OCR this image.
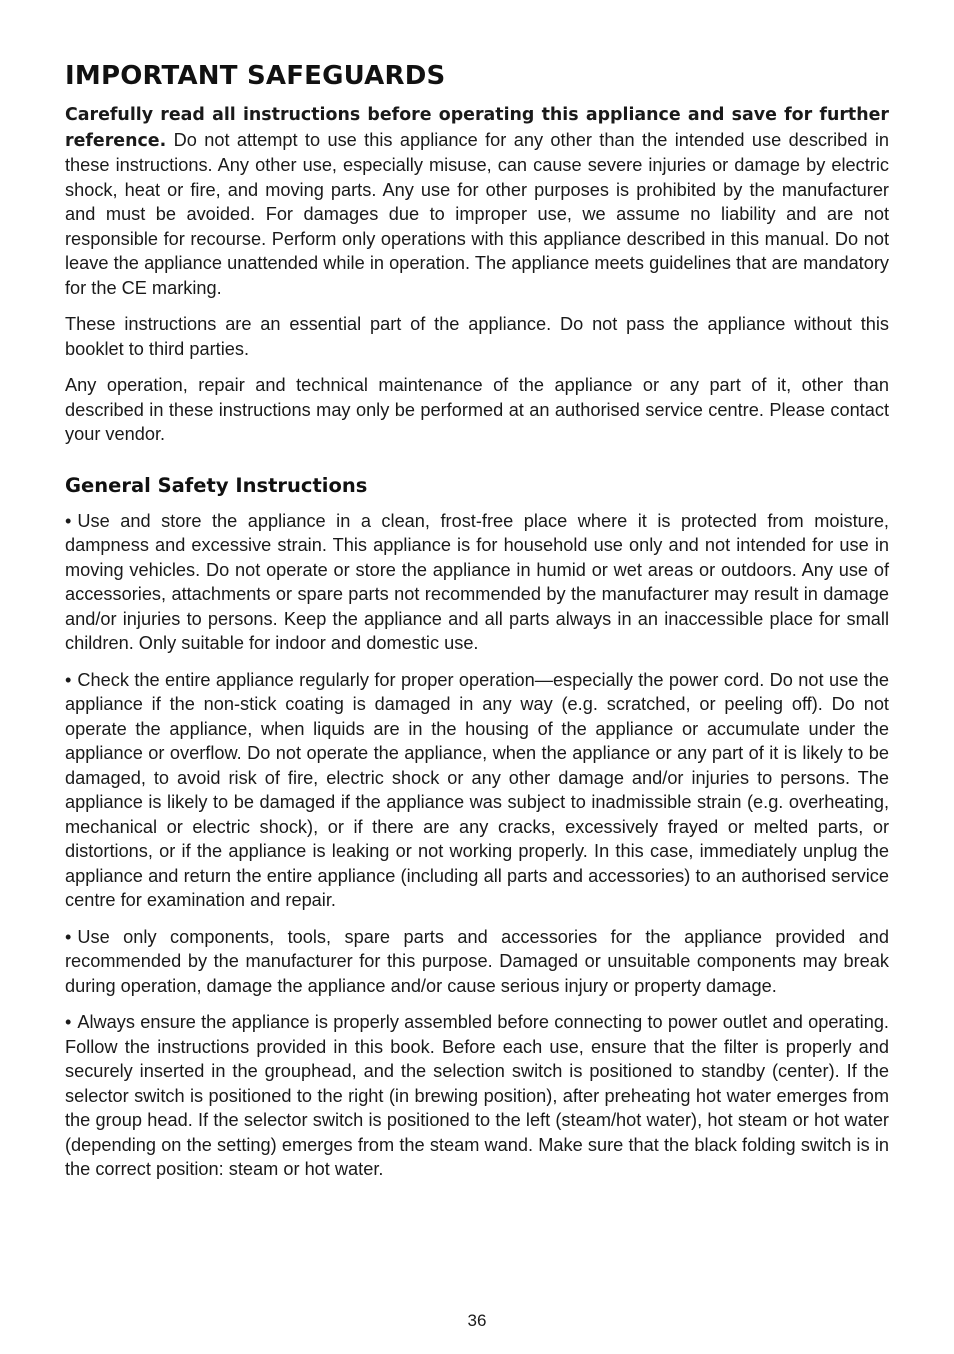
IMPORTANT SAFEGUARDS

Carefully read all instructions before operating this appliance and save for further reference. Do not attempt to use this appliance for any other than the intended use described in these instructions. Any other use, especially misuse, can cause severe injuries or damage by electric shock, heat or fire, and moving parts. Any use for other purposes is prohibited by the manufacturer and must be avoided. For damages due to improper use, we assume no liability and are not responsible for recourse. Perform only operations with this appliance described in this manual. Do not leave the appliance unattended while in operation. The appliance meets guidelines that are mandatory for the CE marking.

These instructions are an essential part of the appliance. Do not pass the appliance without this booklet to third parties.

Any operation, repair and technical maintenance of the appliance or any part of it, other than described in these instructions may only be performed at an authorised service centre. Please contact your vendor.

General Safety Instructions

• Use and store the appliance in a clean, frost-free place where it is protected from moisture, dampness and excessive strain. This appliance is for household use only and not intended for use in moving vehicles. Do not operate or store the appliance in humid or wet areas or outdoors. Any use of accessories, attachments or spare parts not recommended by the manufacturer may result in damage and/or injuries to persons. Keep the appliance and all parts always in an inaccessible place for small children. Only suitable for indoor and domestic use.

• Check the entire appliance regularly for proper operation—especially the power cord. Do not use the appliance if the non-stick coating is damaged in any way (e.g. scratched, or peeling off). Do not operate the appliance, when liquids are in the housing of the appliance or accumulate under the appliance or overflow. Do not operate the appliance, when the appliance or any part of it is likely to be damaged, to avoid risk of fire, electric shock or any other damage and/or injuries to persons. The appliance is likely to be damaged if the appliance was subject to inadmissible strain (e.g. overheating, mechanical or electric shock), or if there are any cracks, excessively frayed or melted parts, or distortions, or if the appliance is leaking or not working properly. In this case, immediately unplug the appliance and return the entire appliance (including all parts and accessories) to an authorised service centre for examination and repair.

• Use only components, tools, spare parts and accessories for the appliance provided and recommended by the manufacturer for this purpose. Damaged or unsuitable components may break during operation, damage the appliance and/or cause serious injury or property damage.

• Always ensure the appliance is properly assembled before connecting to power outlet and operating. Follow the instructions provided in this book. Before each use, ensure that the filter is properly and securely inserted in the grouphead, and the selection switch is positioned to standby (center). If the selector switch is positioned to the right (in brewing position), after preheating hot water emerges from the group head. If the selector switch is positioned to the left (steam/hot water), hot steam or hot water (depending on the setting) emerges from the steam wand. Make sure that the black folding switch is in the correct position: steam or hot water.

36
